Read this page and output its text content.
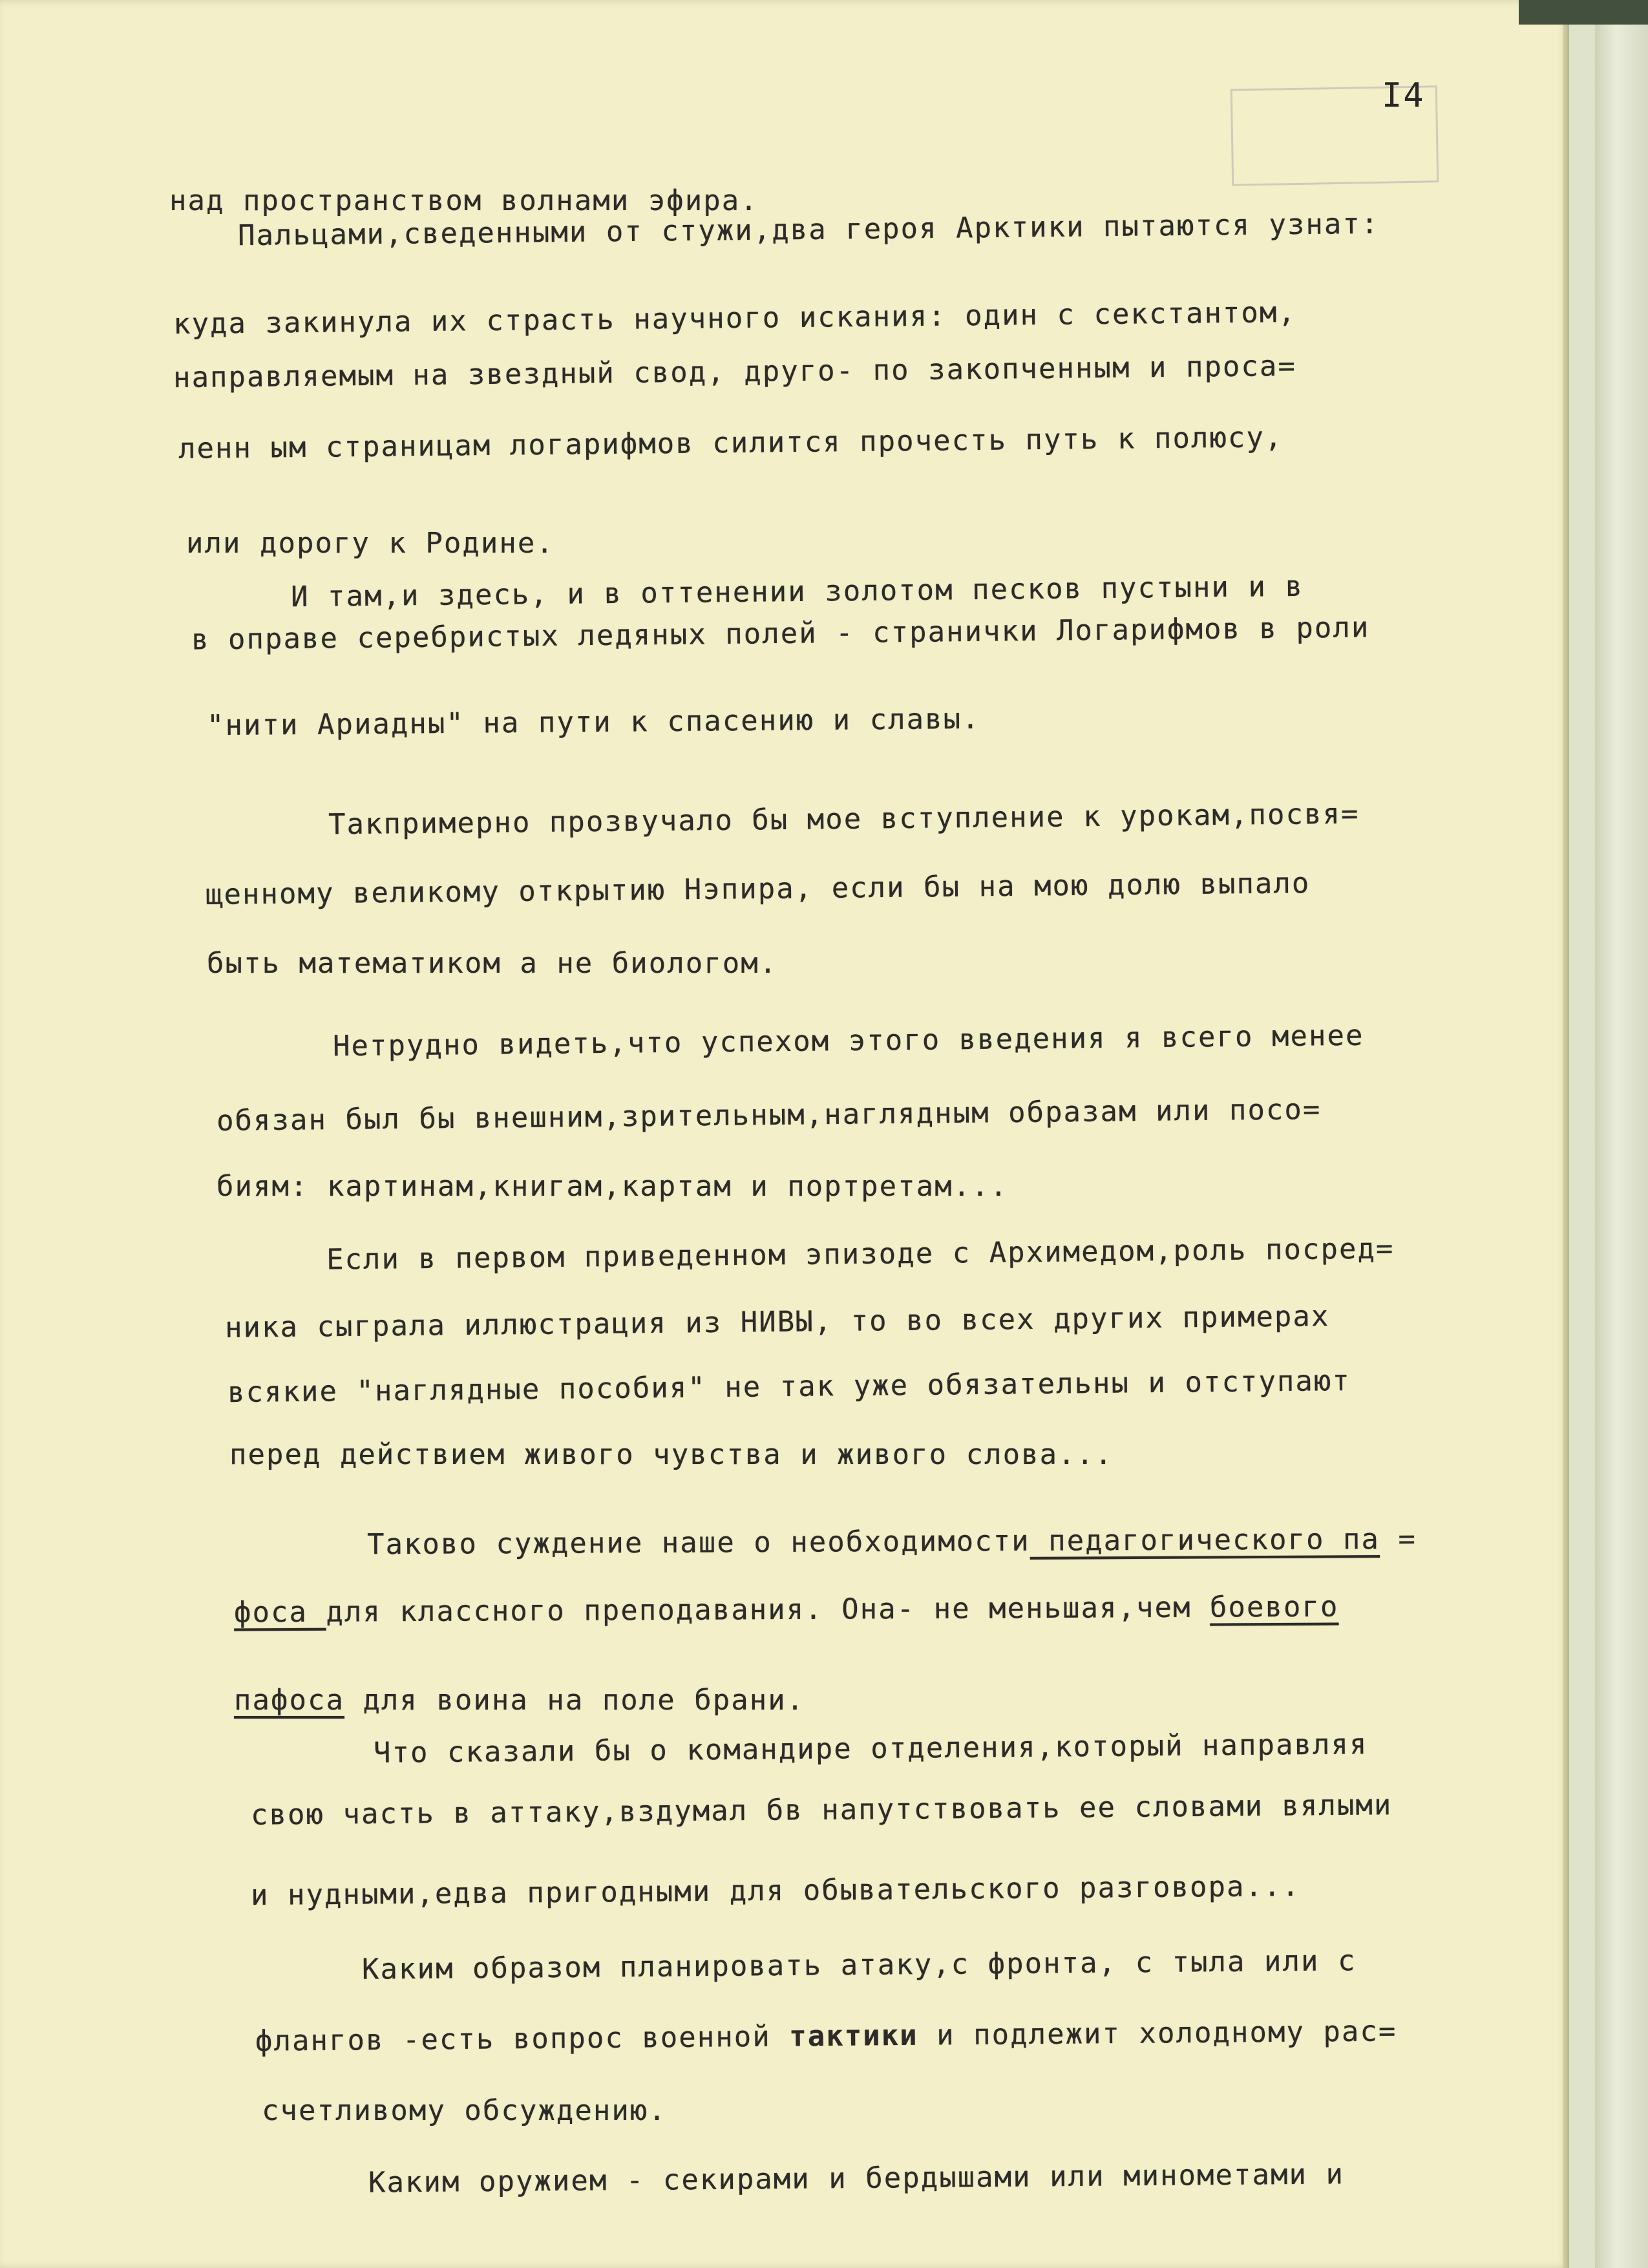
I4
над пространством волнами эфира.
Пальцами,сведенными от стужи,два героя Арктики пытаются узнат:
куда закинула их страсть научного искания: один с секстантом,
направляемым на звездный свод, друго- по закопченным и проса=
ленн ым страницам логарифмов силится прочесть путь к полюсу,
или дорогу к Родине.
И там,и здесь, и в оттенении золотом песков пустыни и в
в оправе серебристых ледяных полей - странички Логарифмов в роли
"нити Ариадны" на пути к спасению и славы.
Такпримерно прозвучало бы мое вступление к урокам,посвя=
щенному великому открытию Нэпира, если бы на мою долю выпало
быть математиком а не биологом.
Нетрудно видеть,что успехом этого введения я всего менее
обязан был бы внешним,зрительным,наглядным образам или посо=
биям: картинам,книгам,картам и портретам...
Если в первом приведенном эпизоде с Архимедом,роль посред=
ника сыграла иллюстрация из НИВЫ, то во всех других примерах
всякие "наглядные пособия" не так уже обязательны и отступают
перед действием живого чувства и живого слова...
Таково суждение наше о необходимости педагогического па =
фоса для классного преподавания. Она- не меньшая,чем боевого
пафоса для воина на поле брани.
Что сказали бы о командире отделения,который направляя
свою часть в аттаку,вздумал бв напутствовать ее словами вялыми
и нудными,едва пригодными для обывательского разговора...
Каким образом планировать атаку,с фронта, с тыла или с
флангов -есть вопрос военной тактики и подлежит холодному рас=
счетливому обсуждению.
Каким оружием - секирами и бердышами или минометами и
